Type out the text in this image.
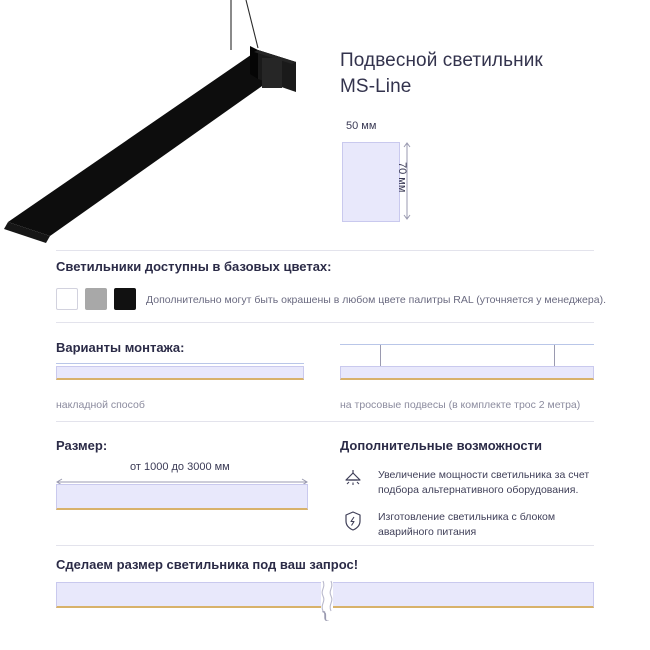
Подвесной светильник
MS-Line
50 мм
70 мм
Светильники доступны в базовых цветах:
Дополнительно могут быть окрашены в любом цвете палитры RAL (уточняется у менеджера).
Варианты монтажа:
накладной способ	на тросовые подвесы (в комплекте трос 2 метра)
Размер:
от 1000 до 3000 мм
Дополнительные возможности
Увеличение мощности светильника за счет подбора альтернативного оборудования.
Изготовление светильника с блоком аварийного питания
Сделаем размер светильника под ваш запрос!
